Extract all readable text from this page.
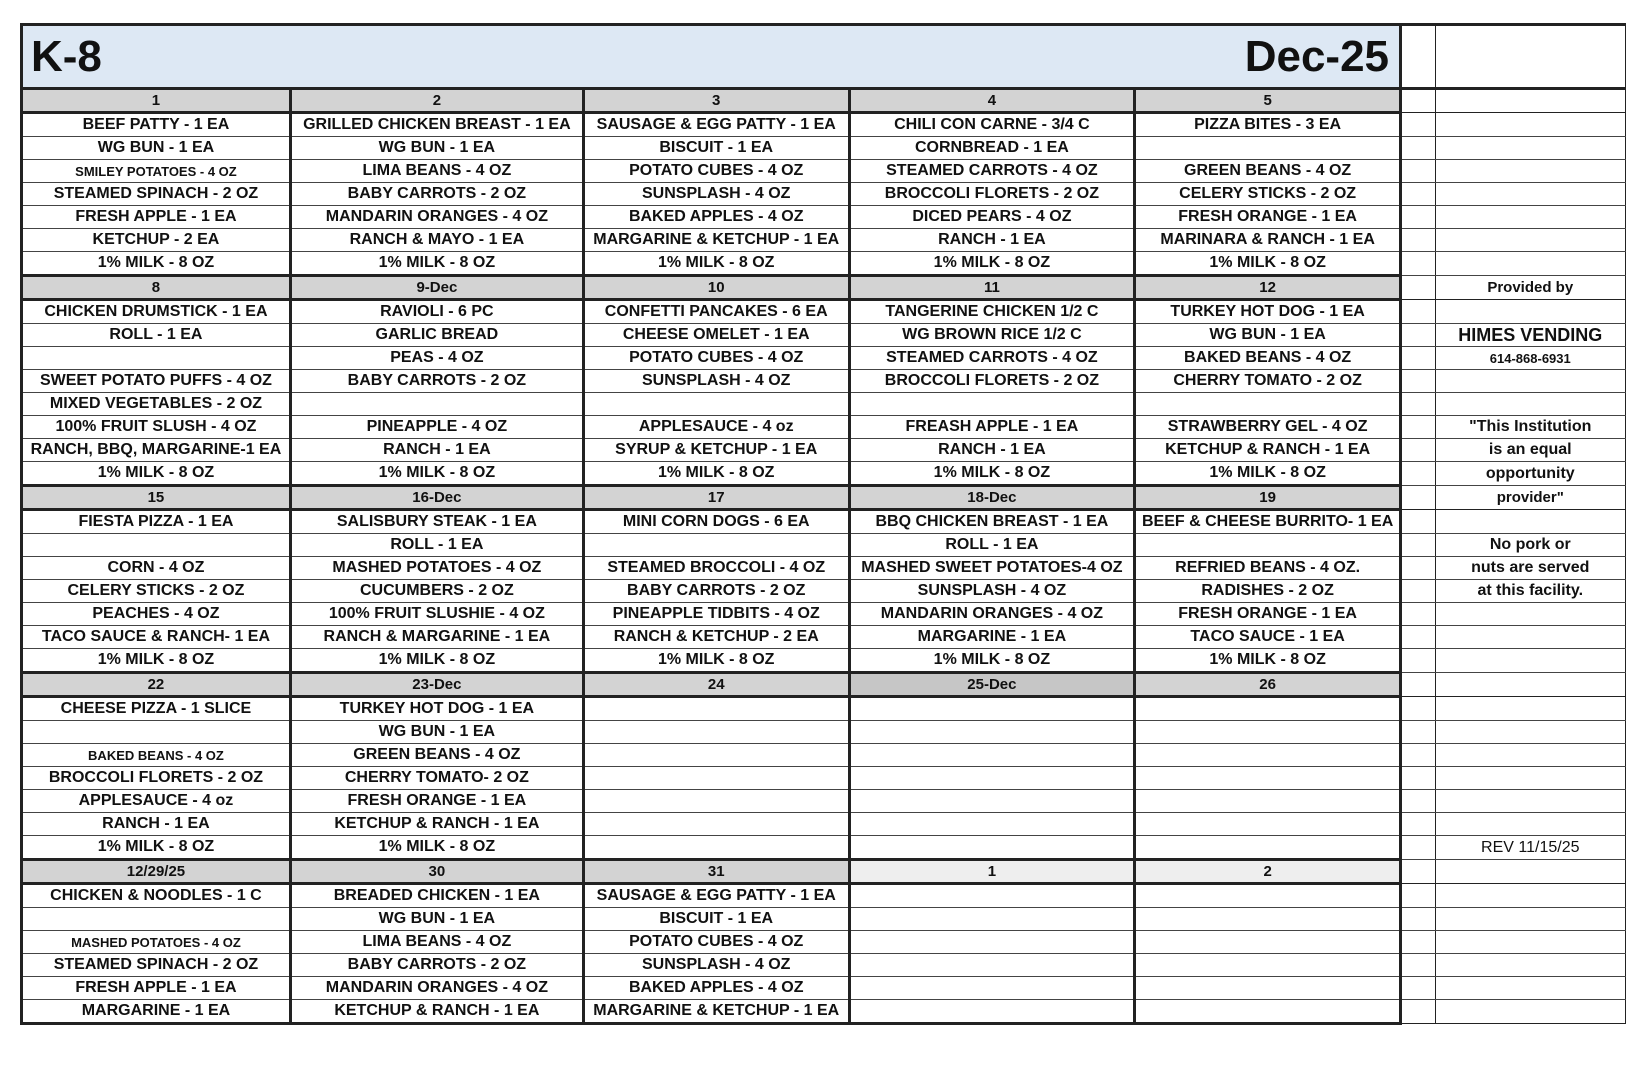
K-8 Dec-25						

1	2	3	4	5		
BEEF PATTY - 1 EA	GRILLED CHICKEN BREAST - 1 EA	SAUSAGE & EGG PATTY - 1 EA	CHILI CON CARNE - 3/4 C	PIZZA BITES - 3 EA		
WG BUN - 1 EA	WG BUN - 1 EA	BISCUIT - 1 EA	CORNBREAD - 1 EA			
SMILEY POTATOES - 4 OZ	LIMA BEANS - 4 OZ	POTATO CUBES - 4 OZ	STEAMED CARROTS - 4 OZ	GREEN BEANS - 4 OZ		
STEAMED SPINACH - 2 OZ	BABY CARROTS - 2 OZ	SUNSPLASH - 4 OZ	BROCCOLI FLORETS - 2 OZ	CELERY STICKS - 2 OZ		
FRESH APPLE - 1 EA	MANDARIN ORANGES - 4 OZ	BAKED APPLES - 4 OZ	DICED PEARS - 4 OZ	FRESH ORANGE - 1 EA		
KETCHUP - 2 EA	RANCH & MAYO - 1 EA	MARGARINE & KETCHUP - 1 EA	RANCH - 1 EA	MARINARA & RANCH - 1 EA		
1% MILK - 8 OZ	1% MILK - 8 OZ	1% MILK - 8 OZ	1% MILK - 8 OZ	1% MILK - 8 OZ		
8	9-Dec	10	11	12		Provided by
CHICKEN DRUMSTICK - 1 EA	RAVIOLI - 6 PC	CONFETTI PANCAKES - 6 EA	TANGERINE CHICKEN 1/2 C	TURKEY HOT DOG - 1 EA		
ROLL - 1 EA	GARLIC BREAD	CHEESE OMELET - 1 EA	WG BROWN RICE 1/2 C	WG BUN - 1 EA		HIMES VENDING
	PEAS - 4 OZ	POTATO CUBES - 4 OZ	STEAMED CARROTS - 4 OZ	BAKED BEANS - 4 OZ		614-868-6931
SWEET POTATO PUFFS - 4 OZ	BABY CARROTS - 2 OZ	SUNSPLASH - 4 OZ	BROCCOLI FLORETS - 2 OZ	CHERRY TOMATO - 2 OZ		
MIXED VEGETABLES - 2 OZ						
100% FRUIT SLUSH - 4 OZ	PINEAPPLE - 4 OZ	APPLESAUCE - 4 oz	FREASH APPLE - 1 EA	STRAWBERRY GEL - 4 OZ		"This Institution
RANCH, BBQ, MARGARINE-1 EA	RANCH - 1 EA	SYRUP & KETCHUP - 1 EA	RANCH - 1 EA	KETCHUP & RANCH - 1 EA		is an equal
1% MILK - 8 OZ	1% MILK - 8 OZ	1% MILK - 8 OZ	1% MILK - 8 OZ	1% MILK - 8 OZ		opportunity
15	16-Dec	17	18-Dec	19		provider"
FIESTA PIZZA - 1 EA	SALISBURY STEAK - 1 EA	MINI CORN DOGS - 6 EA	BBQ CHICKEN BREAST - 1 EA	BEEF & CHEESE BURRITO- 1 EA		
	ROLL - 1 EA		ROLL - 1 EA			No pork or
CORN - 4 OZ	MASHED POTATOES - 4 OZ	STEAMED BROCCOLI - 4 OZ	MASHED SWEET POTATOES-4 OZ	REFRIED BEANS - 4 OZ.		nuts are served
CELERY STICKS - 2 OZ	CUCUMBERS - 2 OZ	BABY CARROTS - 2 OZ	SUNSPLASH - 4 OZ	RADISHES - 2 OZ		at this facility.
PEACHES - 4 OZ	100% FRUIT SLUSHIE - 4 OZ	PINEAPPLE TIDBITS - 4 OZ	MANDARIN ORANGES - 4 OZ	FRESH ORANGE - 1 EA		
TACO SAUCE & RANCH- 1 EA	RANCH & MARGARINE - 1 EA	RANCH & KETCHUP - 2 EA	MARGARINE - 1 EA	TACO SAUCE - 1 EA		
1% MILK - 8 OZ	1% MILK - 8 OZ	1% MILK - 8 OZ	1% MILK - 8 OZ	1% MILK - 8 OZ		
22	23-Dec	24	25-Dec	26		
CHEESE PIZZA - 1 SLICE	TURKEY HOT DOG - 1 EA					
	WG BUN - 1 EA					
BAKED BEANS - 4 OZ	GREEN BEANS - 4 OZ					
BROCCOLI FLORETS - 2 OZ	CHERRY TOMATO- 2 OZ					
APPLESAUCE - 4 oz	FRESH ORANGE - 1 EA					
RANCH - 1 EA	KETCHUP & RANCH - 1 EA					
1% MILK - 8 OZ	1% MILK - 8 OZ					REV 11/15/25
12/29/25	30	31	1	2		
CHICKEN & NOODLES - 1 C	BREADED CHICKEN - 1 EA	SAUSAGE & EGG PATTY - 1 EA				
	WG BUN - 1 EA	BISCUIT - 1 EA				
MASHED POTATOES - 4 OZ	LIMA BEANS - 4 OZ	POTATO CUBES - 4 OZ				
STEAMED SPINACH - 2 OZ	BABY CARROTS - 2 OZ	SUNSPLASH - 4 OZ				
FRESH APPLE - 1 EA	MANDARIN ORANGES - 4 OZ	BAKED APPLES - 4 OZ				
MARGARINE - 1 EA	KETCHUP & RANCH - 1 EA	MARGARINE & KETCHUP - 1 EA				
